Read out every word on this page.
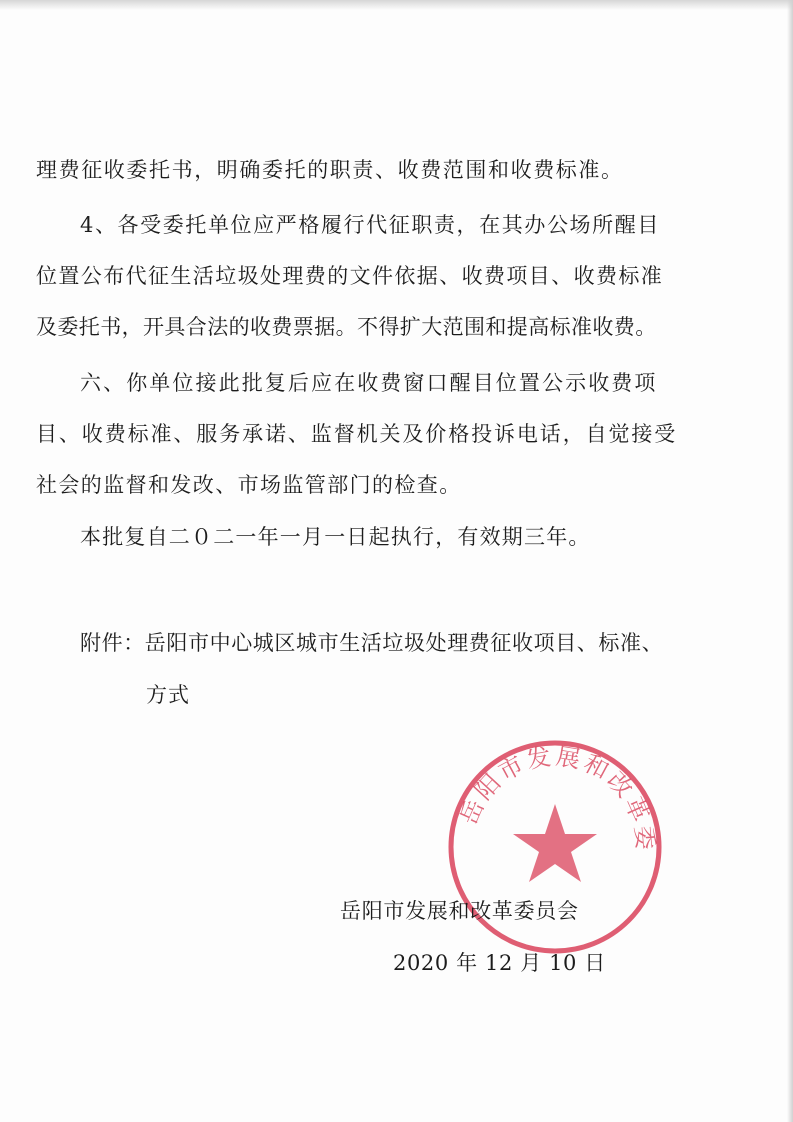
理费征收委托书，明确委托的职责、收费范围和收费标准。
4、各受委托单位应严格履行代征职责，在其办公场所醒目
位置公布代征生活垃圾处理费的文件依据、收费项目、收费标准
及委托书，开具合法的收费票据。不得扩大范围和提高标准收费。
六、你单位接此批复后应在收费窗口醒目位置公示收费项
目、收费标准、服务承诺、监督机关及价格投诉电话，自觉接受
社会的监督和发改、市场监管部门的检查。
本批复自二０二一年一月一日起执行，有效期三年。
附件：岳阳市中心城区城市生活垃圾处理费征收项目、标准、
方式
岳阳市发展和改革委
岳阳市发展和改革委员会
2020 年 12 月 10 日
